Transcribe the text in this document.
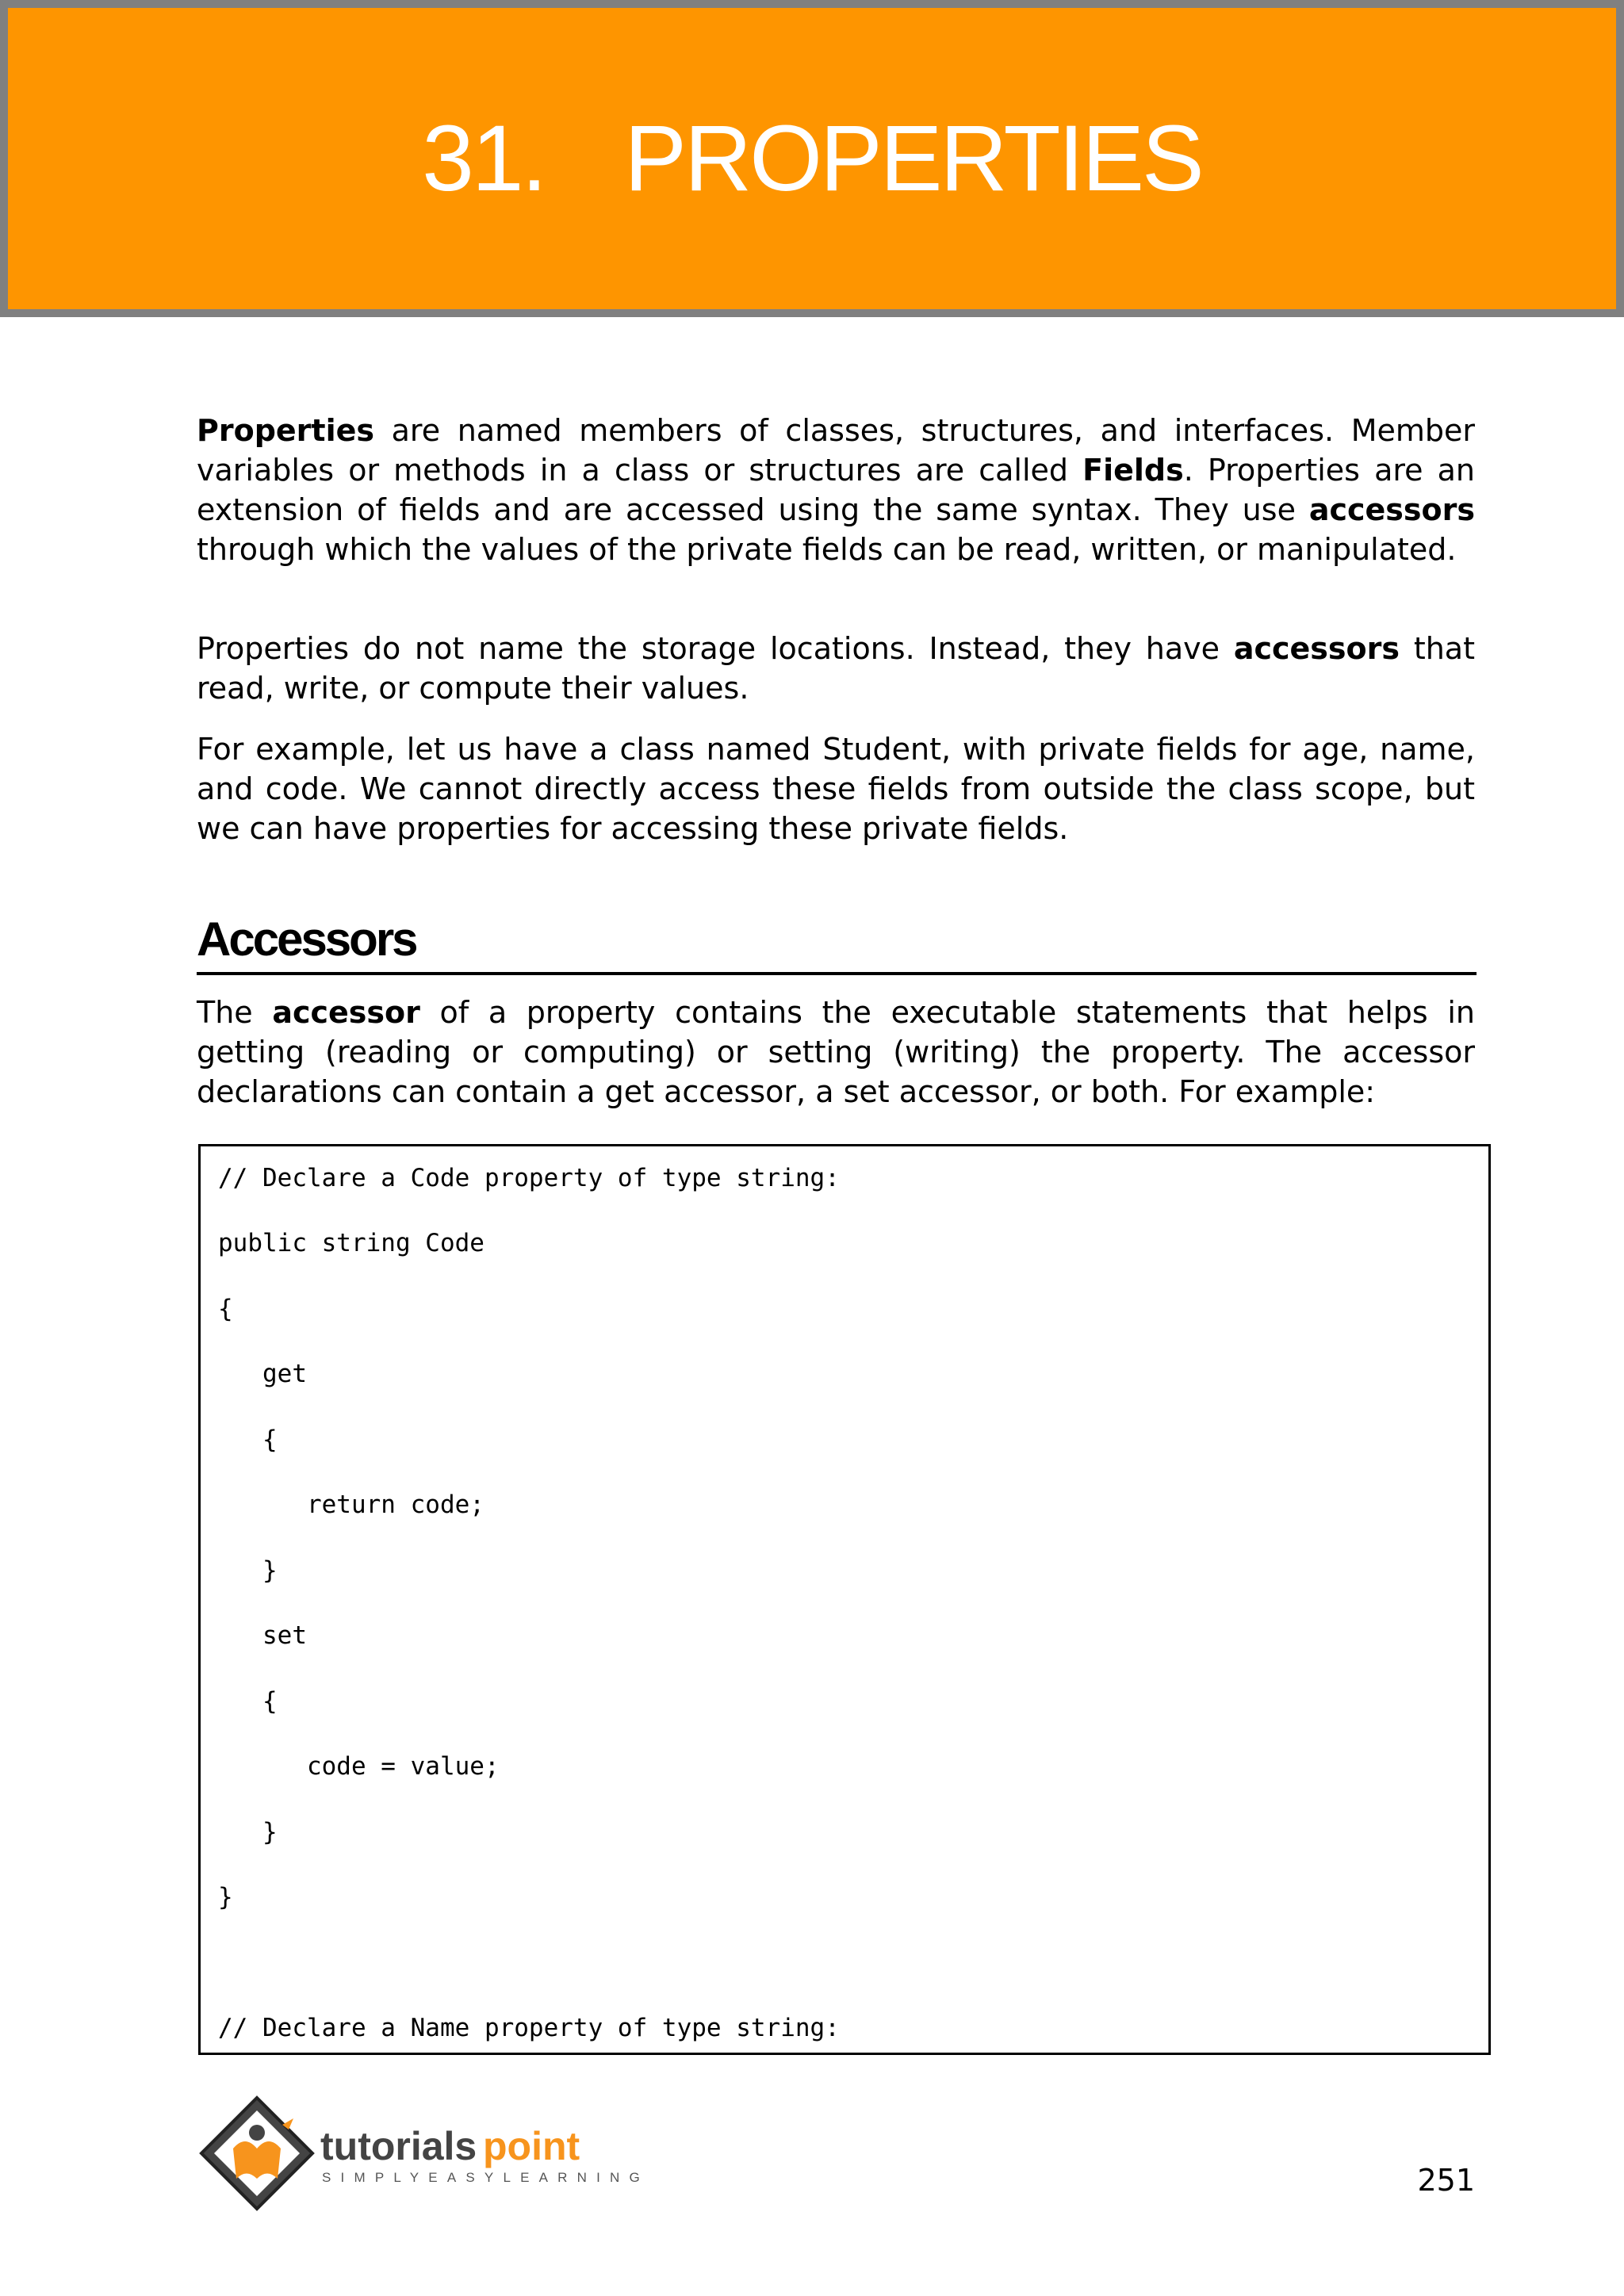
31. PROPERTIES

Properties are named members of classes, structures, and interfaces. Member variables or methods in a class or structures are called Fields. Properties are an extension of fields and are accessed using the same syntax. They use accessors through which the values of the private fields can be read, written, or manipulated.

Properties do not name the storage locations. Instead, they have accessors that read, write, or compute their values.

For example, let us have a class named Student, with private fields for age, name, and code. We cannot directly access these fields from outside the class scope, but we can have properties for accessing these private fields.

Accessors

The accessor of a property contains the executable statements that helps in getting (reading or computing) or setting (writing) the property. The accessor declarations can contain a get accessor, a set accessor, or both. For example:

// Declare a Code property of type string:
public string Code
{
get
{
return code;
}
set
{
code = value;
}
}
// Declare a Name property of type string:
tutorials point
SIMPLYEASYLEARNING	251
